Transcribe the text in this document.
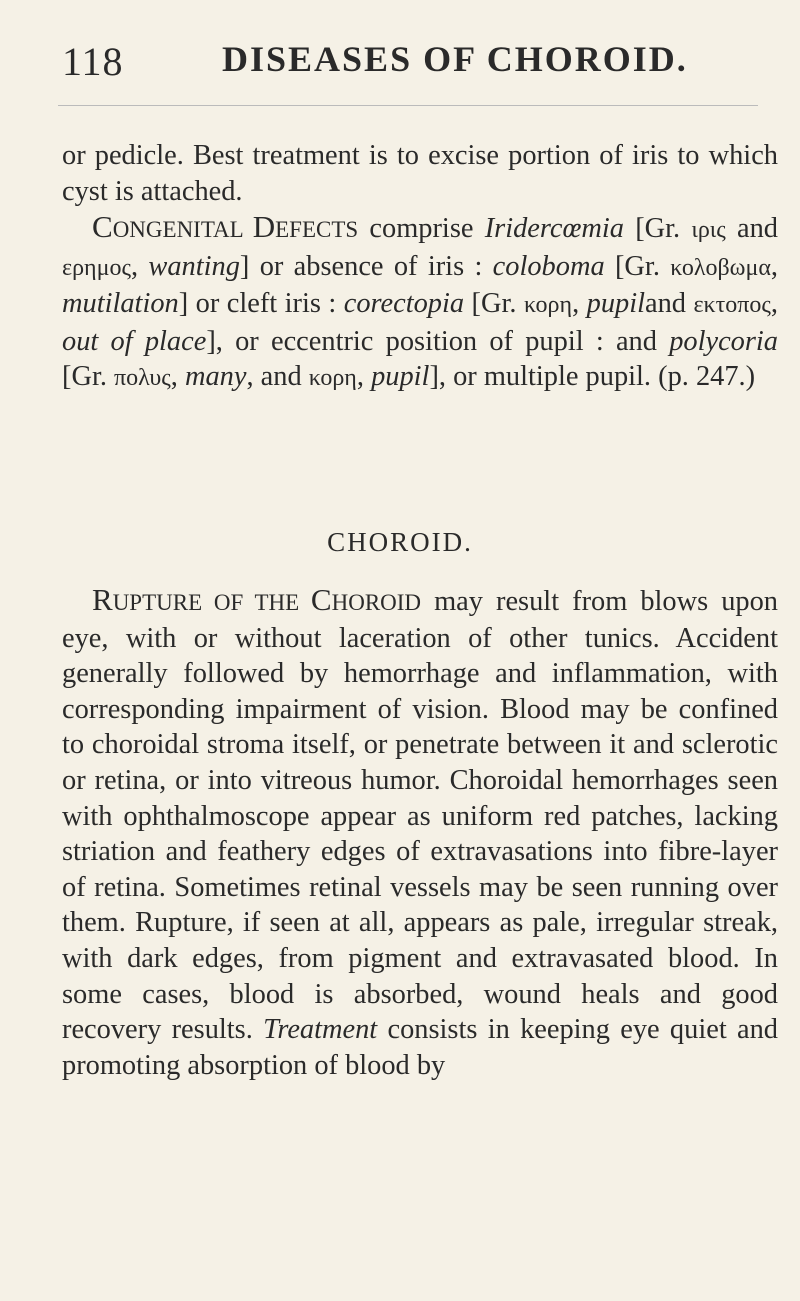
118	DISEASES OF CHOROID.

or pedicle. Best treatment is to excise portion of iris to which cyst is attached.

CONGENITAL DEFECTS comprise Iridercœmia [Gr. ιρις and ερημος, wanting] or absence of iris : coloboma [Gr. κολοβωμα, mutilation] or cleft iris : corectopia [Gr. κορη, pupiland εκτοπος, out of place], or eccentric position of pupil : and polycoria [Gr. πολυς, many, and κορη, pupil], or multiple pupil. (p. 247.)

CHOROID.

RUPTURE OF THE CHOROID may result from blows upon eye, with or without laceration of other tunics. Accident generally followed by hemorrhage and inflammation, with corresponding impairment of vision. Blood may be confined to choroidal stroma itself, or penetrate between it and sclerotic or retina, or into vitreous humor. Choroidal hemorrhages seen with ophthalmoscope appear as uniform red patches, lacking striation and feathery edges of extravasations into fibre-layer of retina. Sometimes retinal vessels may be seen running over them. Rupture, if seen at all, appears as pale, irregular streak, with dark edges, from pigment and extravasated blood. In some cases, blood is absorbed, wound heals and good recovery results. Treatment consists in keeping eye quiet and promoting absorption of blood by
